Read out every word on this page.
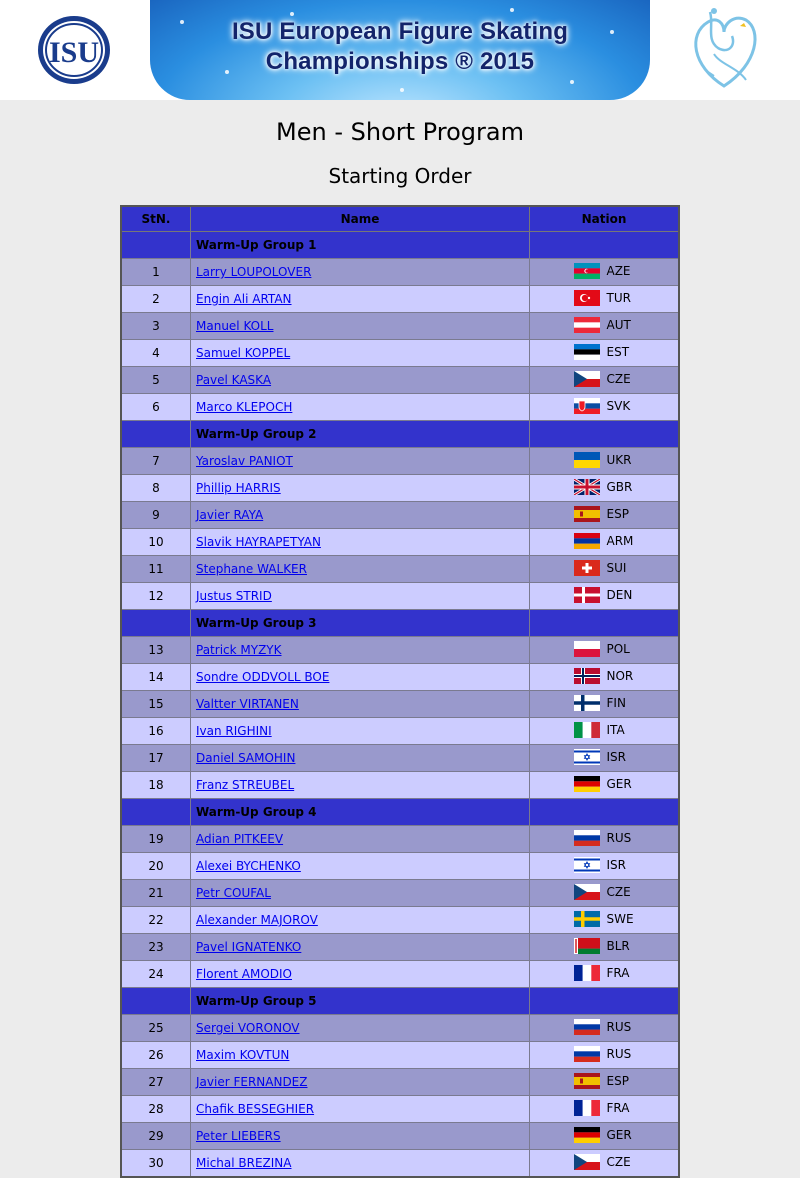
ISU
ISU European Figure Skating
Championships ® 2015
Men - Short Program
Starting Order
StN.	Name	Nation
	Warm-Up Group 1	
1	Larry LOUPOLOVER	AZE

2	Engin Ali ARTAN	TUR

3	Manuel KOLL	AUT

4	Samuel KOPPEL	EST

5	Pavel KASKA	CZE

6	Marco KLEPOCH	SVK

	Warm-Up Group 2	
7	Yaroslav PANIOT	UKR

8	Phillip HARRIS	GBR

9	Javier RAYA	ESP

10	Slavik HAYRAPETYAN	ARM

11	Stephane WALKER	SUI

12	Justus STRID	DEN

	Warm-Up Group 3	
13	Patrick MYZYK	POL

14	Sondre ODDVOLL BOE	NOR

15	Valtter VIRTANEN	FIN

16	Ivan RIGHINI	ITA

17	Daniel SAMOHIN	ISR

18	Franz STREUBEL	GER

	Warm-Up Group 4	
19	Adian PITKEEV	RUS

20	Alexei BYCHENKO	ISR

21	Petr COUFAL	CZE

22	Alexander MAJOROV	SWE

23	Pavel IGNATENKO	BLR

24	Florent AMODIO	FRA

	Warm-Up Group 5	
25	Sergei VORONOV	RUS

26	Maxim KOVTUN	RUS

27	Javier FERNANDEZ	ESP

28	Chafik BESSEGHIER	FRA

29	Peter LIEBERS	GER

30	Michal BREZINA	CZE
